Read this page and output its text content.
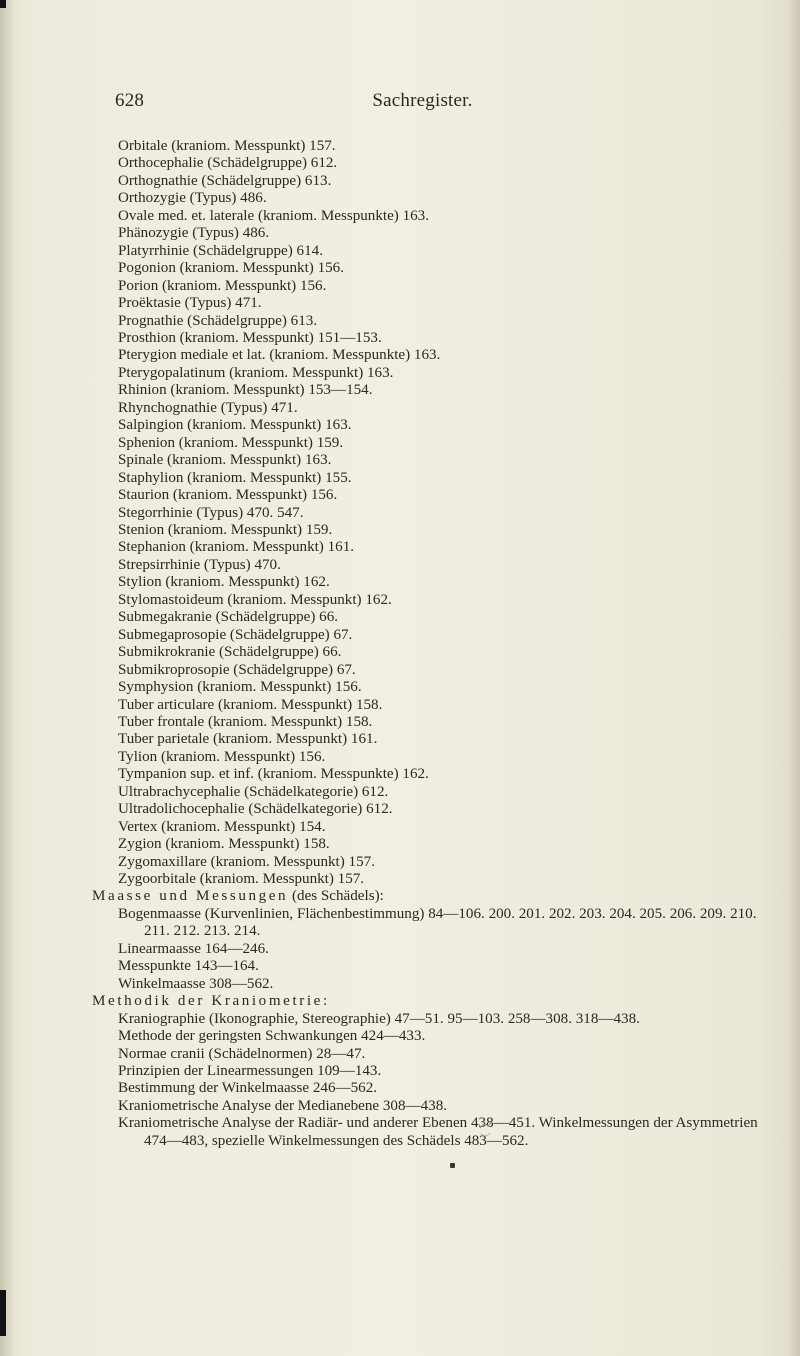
628	Sachregister.
Orbitale (kraniom. Messpunkt) 157.
Orthocephalie (Schädelgruppe) 612.
Orthognathie (Schädelgruppe) 613.
Orthozygie (Typus) 486.
Ovale med. et. laterale (kraniom. Messpunkte) 163.
Phänozygie (Typus) 486.
Platyrrhinie (Schädelgruppe) 614.
Pogonion (kraniom. Messpunkt) 156.
Porion (kraniom. Messpunkt) 156.
Proëktasie (Typus) 471.
Prognathie (Schädelgruppe) 613.
Prosthion (kraniom. Messpunkt) 151—153.
Pterygion mediale et lat. (kraniom. Messpunkte) 163.
Pterygopalatinum (kraniom. Messpunkt) 163.
Rhinion (kraniom. Messpunkt) 153—154.
Rhynchognathie (Typus) 471.
Salpingion (kraniom. Messpunkt) 163.
Sphenion (kraniom. Messpunkt) 159.
Spinale (kraniom. Messpunkt) 163.
Staphylion (kraniom. Messpunkt) 155.
Staurion (kraniom. Messpunkt) 156.
Stegorrhinie (Typus) 470. 547.
Stenion (kraniom. Messpunkt) 159.
Stephanion (kraniom. Messpunkt) 161.
Strepsirrhinie (Typus) 470.
Stylion (kraniom. Messpunkt) 162.
Stylomastoideum (kraniom. Messpunkt) 162.
Submegakranie (Schädelgruppe) 66.
Submegaprosopie (Schädelgruppe) 67.
Submikrokranie (Schädelgruppe) 66.
Submikroprosopie (Schädelgruppe) 67.
Symphysion (kraniom. Messpunkt) 156.
Tuber articulare (kraniom. Messpunkt) 158.
Tuber frontale (kraniom. Messpunkt) 158.
Tuber parietale (kraniom. Messpunkt) 161.
Tylion (kraniom. Messpunkt) 156.
Tympanion sup. et inf. (kraniom. Messpunkte) 162.
Ultrabrachycephalie (Schädelkategorie) 612.
Ultradolichocephalie (Schädelkategorie) 612.
Vertex (kraniom. Messpunkt) 154.
Zygion (kraniom. Messpunkt) 158.
Zygomaxillare (kraniom. Messpunkt) 157.
Zygoorbitale (kraniom. Messpunkt) 157.
Maasse und Messungen (des Schädels):
Bogenmaasse (Kurvenlinien, Flächenbestimmung) 84—106. 200. 201. 202. 203. 204. 205. 206. 209. 210. 211. 212. 213. 214.
Linearmaasse 164—246.
Messpunkte 143—164.
Winkelmaasse 308—562.
Methodik der Kraniometrie:
Kraniographie (Ikonographie, Stereographie) 47—51. 95—103. 258—308. 318—438.
Methode der geringsten Schwankungen 424—433.
Normae cranii (Schädelnormen) 28—47.
Prinzipien der Linearmessungen 109—143.
Bestimmung der Winkelmaasse 246—562.
Kraniometrische Analyse der Medianebene 308—438.
Kraniometrische Analyse der Radiär- und anderer Ebenen 438—451. Winkelmessungen der Asymmetrien 474—483, spezielle Winkelmessungen des Schädels 483—562.
